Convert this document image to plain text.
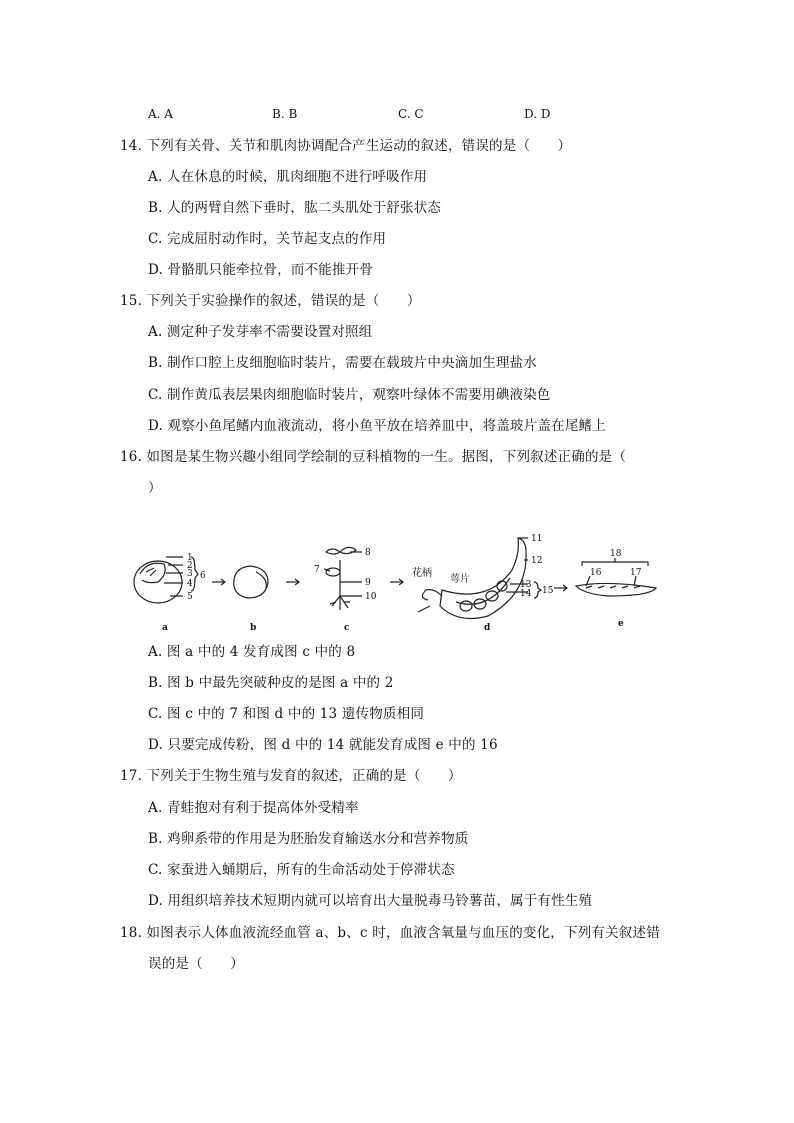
A. A	B. B	C. C	D. D
14. 下列有关骨、关节和肌肉协调配合产生运动的叙述，错误的是（　　）
A. 人在休息的时候，肌肉细胞不进行呼吸作用
B. 人的两臂自然下垂时，肱二头肌处于舒张状态
C. 完成屈肘动作时，关节起支点的作用
D. 骨骼肌只能牵拉骨，而不能推开骨
15. 下列关于实验操作的叙述，错误的是（　　）
A. 测定种子发芽率不需要设置对照组
B. 制作口腔上皮细胞临时装片，需要在载玻片中央滴加生理盐水
C. 制作黄瓜表层果肉细胞临时装片，观察叶绿体不需要用碘液染色
D. 观察小鱼尾鳍内血液流动，将小鱼平放在培养皿中，将盖玻片盖在尾鳍上
16. 如图是某生物兴趣小组同学绘制的豆科植物的一生。据图，下列叙述正确的是（
）
1
2
3
4
5
6
7
8
9
10
花柄
萼片
11
12
13
14 15
16	17
18
a	b	c	d	e
A. 图 a 中的 4 发育成图 c 中的 8
B. 图 b 中最先突破种皮的是图 a 中的 2
C. 图 c 中的 7 和图 d 中的 13 遗传物质相同
D. 只要完成传粉，图 d 中的 14 就能发育成图 e 中的 16
17. 下列关于生物生殖与发育的叙述，正确的是（　　）
A. 青蛙抱对有利于提高体外受精率
B. 鸡卵系带的作用是为胚胎发育输送水分和营养物质
C. 家蚕进入蛹期后，所有的生命活动处于停滞状态
D. 用组织培养技术短期内就可以培育出大量脱毒马铃薯苗，属于有性生殖
18. 如图表示人体血液流经血管 a、b、c 时，血液含氧量与血压的变化，下列有关叙述错
误的是（　　）
